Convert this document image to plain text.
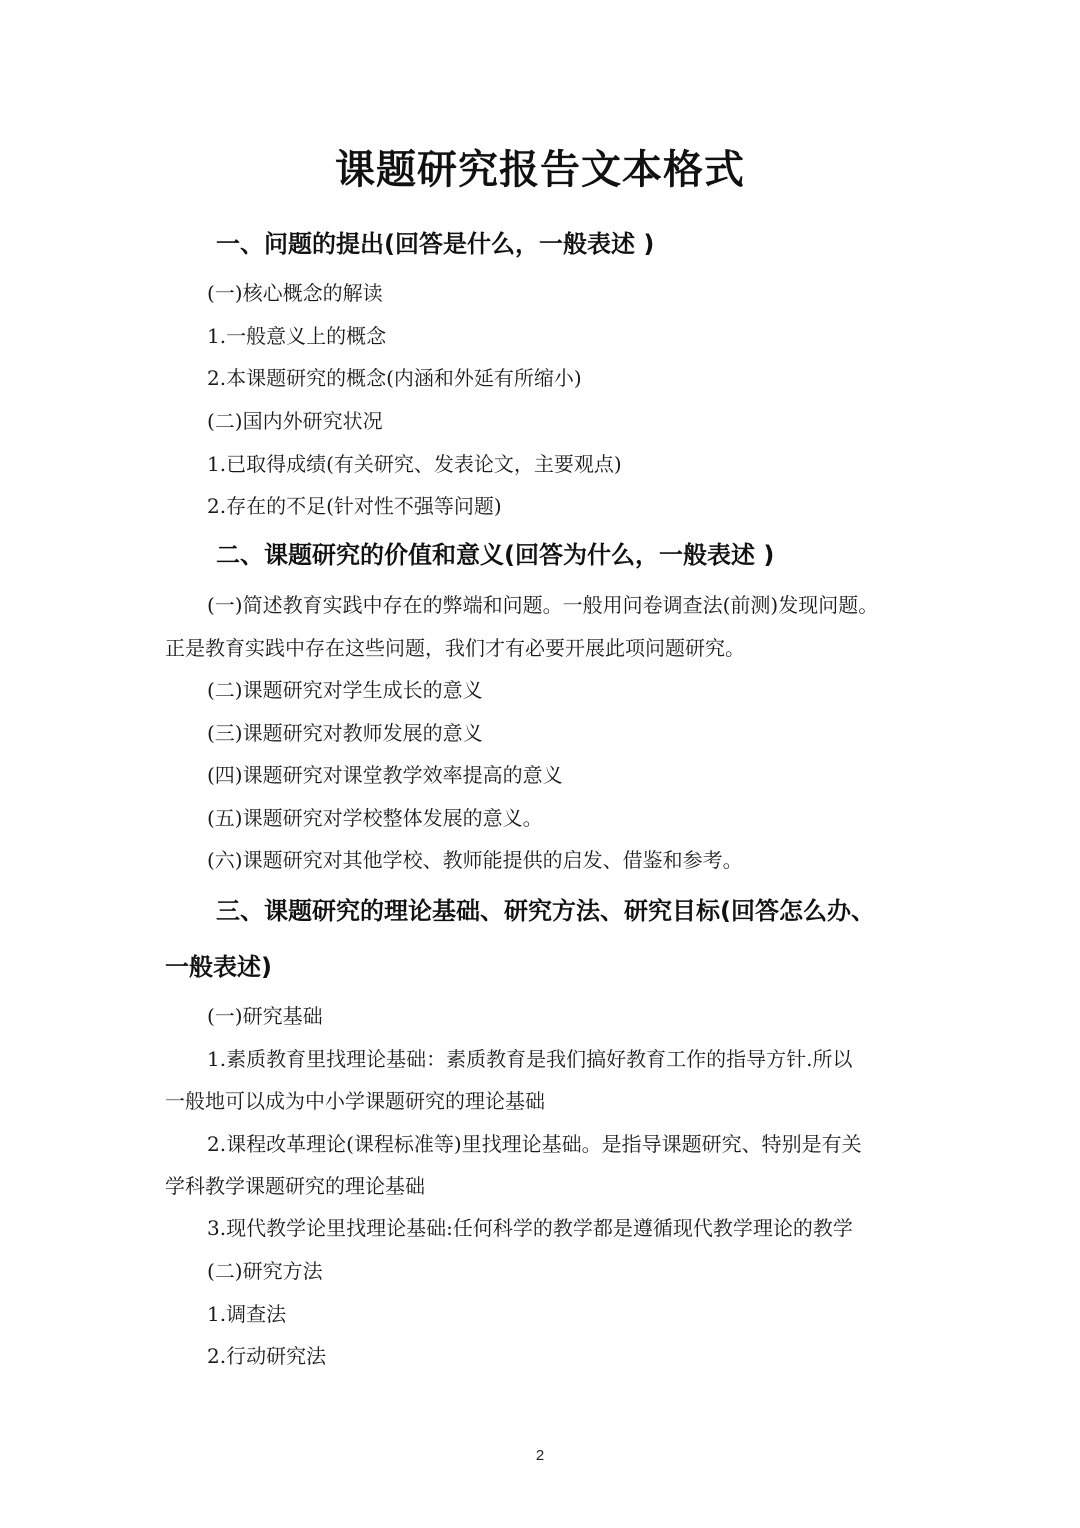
课题研究报告文本格式
一、问题的提出(回答是什么，一般表述 )
(一)核心概念的解读
1.一般意义上的概念
2.本课题研究的概念(内涵和外延有所缩小)
(二)国内外研究状况
1.已取得成绩(有关研究、发表论文，主要观点)
2.存在的不足(针对性不强等问题)
二、课题研究的价值和意义(回答为什么，一般表述 )
(一)简述教育实践中存在的弊端和问题。一般用问卷调查法(前测)发现问题。
正是教育实践中存在这些问题，我们才有必要开展此项问题研究。
(二)课题研究对学生成长的意义
(三)课题研究对教师发展的意义
(四)课题研究对课堂教学效率提高的意义
(五)课题研究对学校整体发展的意义。
(六)课题研究对其他学校、教师能提供的启发、借鉴和参考。
三、课题研究的理论基础、研究方法、研究目标(回答怎么办、
一般表述)
(一)研究基础
1.素质教育里找理论基础：素质教育是我们搞好教育工作的指导方针.所以
一般地可以成为中小学课题研究的理论基础
2.课程改革理论(课程标准等)里找理论基础。是指导课题研究、特别是有关
学科教学课题研究的理论基础
3.现代教学论里找理论基础:任何科学的教学都是遵循现代教学理论的教学
(二)研究方法
1.调查法
2.行动研究法
2
